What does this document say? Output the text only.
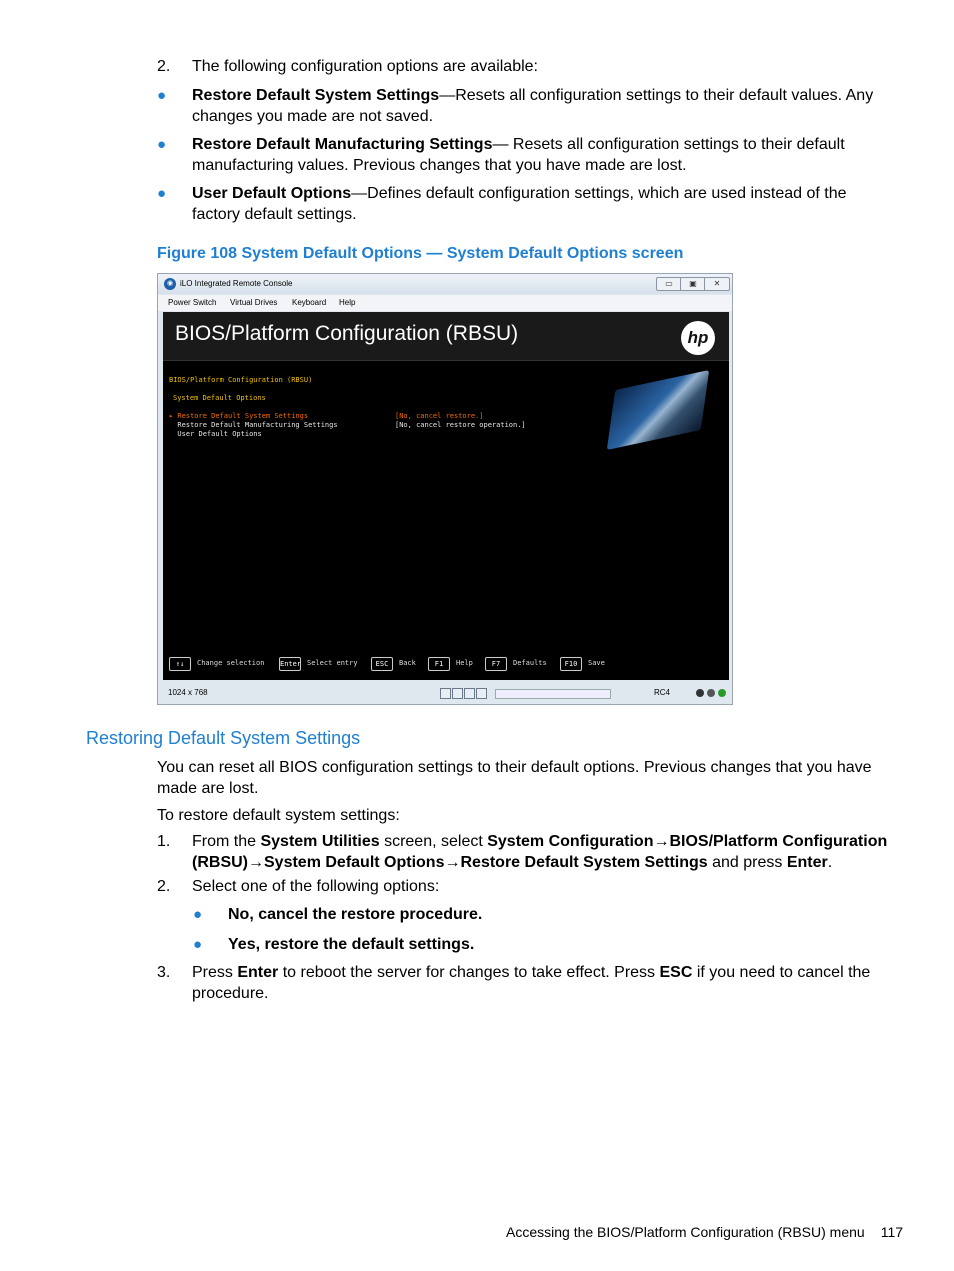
2. The following configuration options are available:
● Restore Default System Settings—Resets all configuration settings to their default values. Any changes you made are not saved.
● Restore Default Manufacturing Settings— Resets all configuration settings to their default manufacturing values. Previous changes that you have made are lost.
● User Default Options—Defines default configuration settings, which are used instead of the factory default settings.
Figure 108 System Default Options — System Default Options screen
◉ iLO Integrated Remote Console	▭	▣	✕
Power Switch Virtual Drives Keyboard Help
BIOS/Platform Configuration (RBSU)	hp
BIOS/Platform Configuration (RBSU)
System Default Options
▸ Restore Default System Settings	[No, cancel restore.]
Restore Default Manufacturing Settings	[No, cancel restore operation.]
User Default Options
↑↓	Change selection Enter Select entry	ESC	Back	F1	Help	F7	Defaults	F10	Save
1024 x 768	RC4
Restoring Default System Settings
You can reset all BIOS configuration settings to their default options. Previous changes that you have made are lost.
To restore default system settings:
1. From the System Utilities screen, select System Configuration→BIOS/Platform Configuration (RBSU)→System Default Options→Restore Default System Settings and press Enter.
2. Select one of the following options:
● No, cancel the restore procedure.
● Yes, restore the default settings.
3. Press Enter to reboot the server for changes to take effect. Press ESC if you need to cancel the procedure.
Accessing the BIOS/Platform Configuration (RBSU) menu 117
